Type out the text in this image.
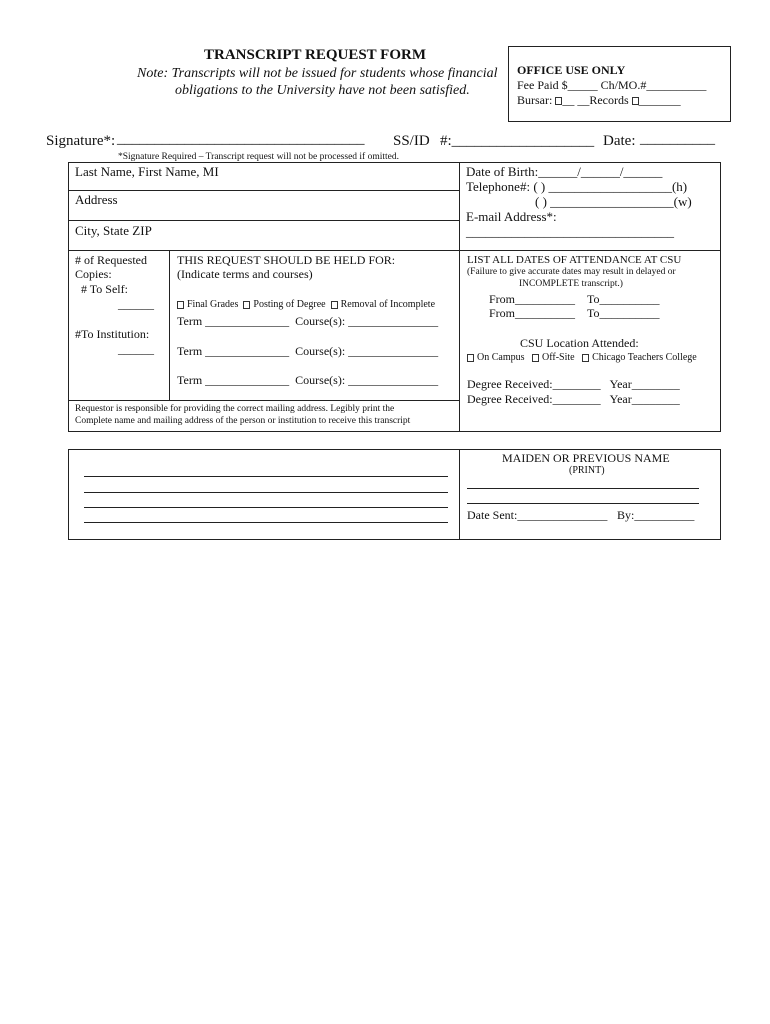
TRANSCRIPT REQUEST FORM
Note: Transcripts will not be issued for students whose financial
obligations to the University have not been satisfied.
OFFICE USE ONLY
Fee Paid $_____ Ch/MO.#__________
Bursar: __ __Records _______
Signature*: _________________________________ SS/ID #:___________________ Date: __________
*Signature Required – Transcript request will not be processed if omitted.
Last Name, First Name, MI
Address
City, State ZIP
Date of Birth:______/______/______
Telephone#: ( ) ___________________(h)
( ) ___________________(w)
E-mail Address*:
________________________________
# of Requested
Copies:
# To Self:
______
#To Institution:
______
THIS REQUEST SHOULD BE HELD FOR:
(Indicate terms and courses)
Final Grades Posting of Degree Removal of Incomplete
Term ______________ Course(s): _______________
Term ______________ Course(s): _______________
Term ______________ Course(s): _______________
Requestor is responsible for providing the correct mailing address. Legibly print the
Complete name and mailing address of the person or institution to receive this transcript
LIST ALL DATES OF ATTENDANCE AT CSU
(Failure to give accurate dates may result in delayed or
INCOMPLETE transcript.)
From__________ To__________
From__________ To__________
CSU Location Attended:
On Campus Off-Site Chicago Teachers College
Degree Received:________ Year________
Degree Received:________ Year________
MAIDEN OR PREVIOUS NAME
(PRINT)
Date Sent:_______________ By:__________
